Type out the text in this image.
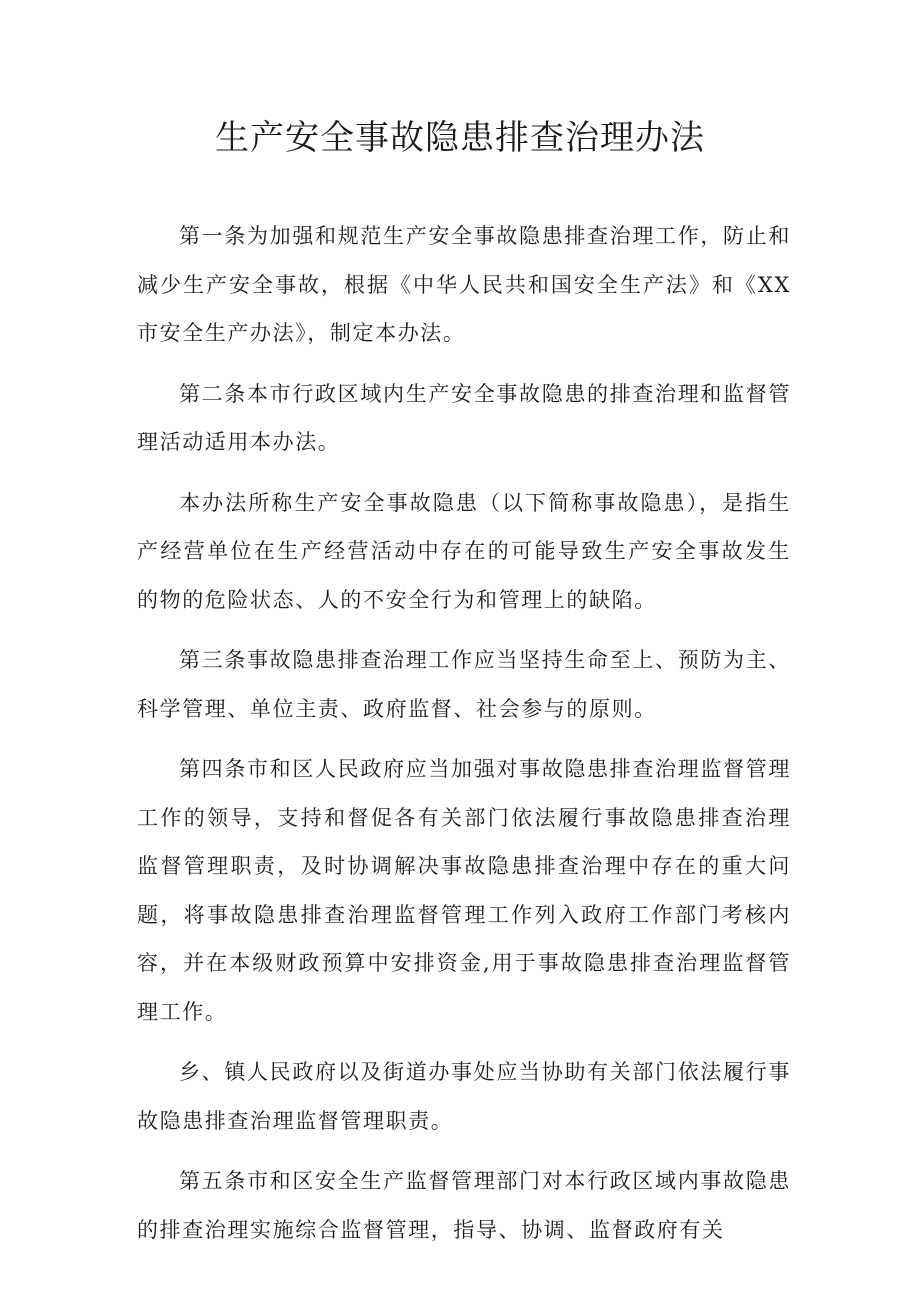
生产安全事故隐患排查治理办法

第一条为加强和规范生产安全事故隐患排查治理工作，防止和减少生产安全事故，根据《中华人民共和国安全生产法》和《XX市安全生产办法》，制定本办法。

第二条本市行政区域内生产安全事故隐患的排查治理和监督管理活动适用本办法。

本办法所称生产安全事故隐患（以下简称事故隐患），是指生产经营单位在生产经营活动中存在的可能导致生产安全事故发生的物的危险状态、人的不安全行为和管理上的缺陷。

第三条事故隐患排查治理工作应当坚持生命至上、预防为主、科学管理、单位主责、政府监督、社会参与的原则。

第四条市和区人民政府应当加强对事故隐患排查治理监督管理工作的领导，支持和督促各有关部门依法履行事故隐患排查治理监督管理职责，及时协调解决事故隐患排查治理中存在的重大问题，将事故隐患排查治理监督管理工作列入政府工作部门考核内容，并在本级财政预算中安排资金,用于事故隐患排查治理监督管理工作。

乡、镇人民政府以及街道办事处应当协助有关部门依法履行事故隐患排查治理监督管理职责。

第五条市和区安全生产监督管理部门对本行政区域内事故隐患的排查治理实施综合监督管理，指导、协调、监督政府有关
